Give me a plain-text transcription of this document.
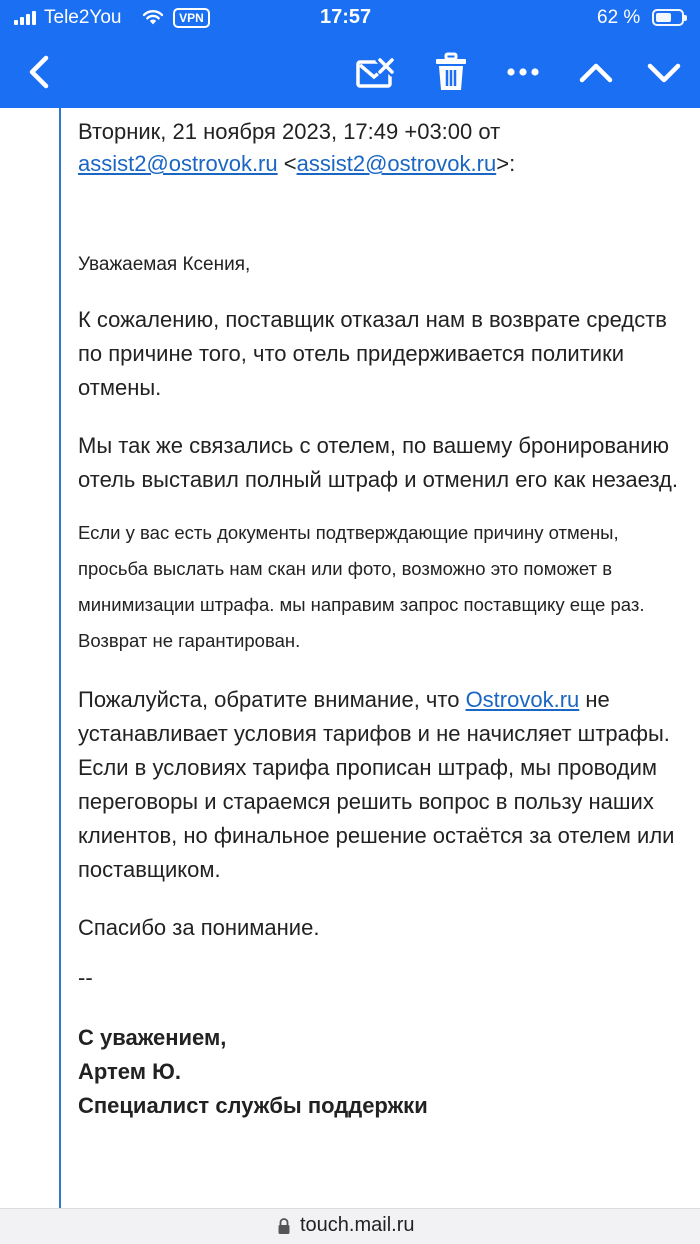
Tele2You	VPN	17:57	62 %
Вторник, 21 ноября 2023, 17:49 +03:00 от
assist2@ostrovok.ru <assist2@ostrovok.ru>:
Уважаемая Ксения,
К сожалению, поставщик отказал нам в возврате средств по причине того, что отель придерживается политики отмены.
Мы так же связались с отелем, по вашему бронированию отель выставил полный штраф и отменил его как незаезд.
Если у вас есть документы подтверждающие причину отмены, просьба выслать нам скан или фото, возможно это поможет в минимизации штрафа. мы направим запрос поставщику еще раз. Возврат не гарантирован.
Пожалуйста, обратите внимание, что Ostrovok.ru не устанавливает условия тарифов и не начисляет штрафы. Если в условиях тарифа прописан штраф, мы проводим переговоры и стараемся решить вопрос в пользу наших клиентов, но финальное решение остаётся за отелем или поставщиком.
Спасибо за понимание.
--
С уважением,
Артем Ю.
Специалист службы поддержки
touch.mail.ru
